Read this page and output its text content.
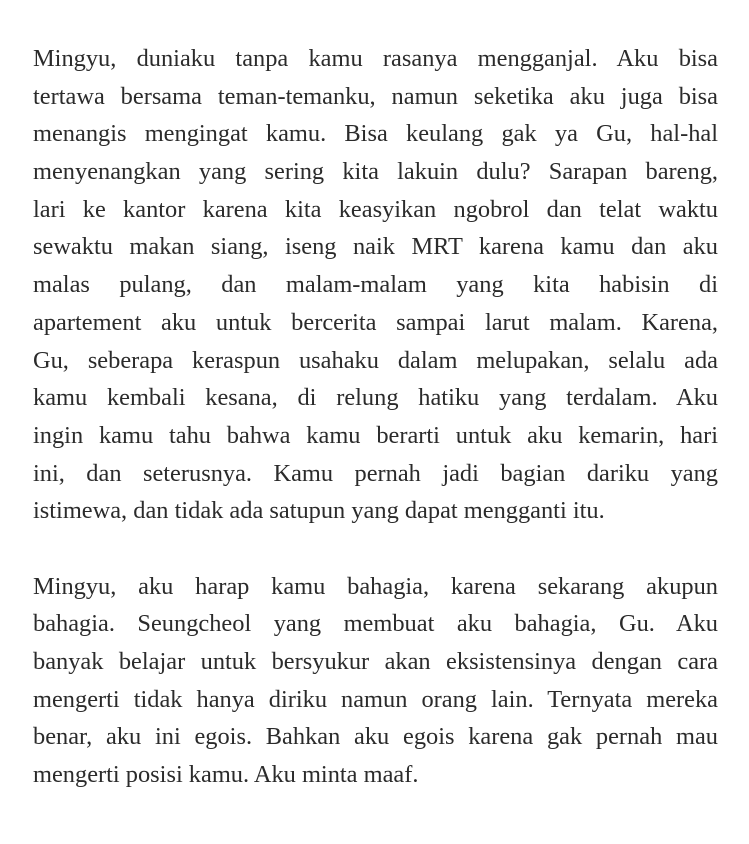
Mingyu, duniaku tanpa kamu rasanya mengganjal. Aku bisa
tertawa bersama teman-temanku, namun seketika aku juga bisa
menangis mengingat kamu. Bisa keulang gak ya Gu, hal-hal
menyenangkan yang sering kita lakuin dulu? Sarapan bareng,
lari ke kantor karena kita keasyikan ngobrol dan telat waktu
sewaktu makan siang, iseng naik MRT karena kamu dan aku
malas pulang, dan malam-malam yang kita habisin di
apartement aku untuk bercerita sampai larut malam. Karena,
Gu, seberapa keraspun usahaku dalam melupakan, selalu ada
kamu kembali kesana, di relung hatiku yang terdalam. Aku
ingin kamu tahu bahwa kamu berarti untuk aku kemarin, hari
ini, dan seterusnya. Kamu pernah jadi bagian dariku yang
istimewa, dan tidak ada satupun yang dapat mengganti itu.
Mingyu, aku harap kamu bahagia, karena sekarang akupun
bahagia. Seungcheol yang membuat aku bahagia, Gu. Aku
banyak belajar untuk bersyukur akan eksistensinya dengan cara
mengerti tidak hanya diriku namun orang lain. Ternyata mereka
benar, aku ini egois. Bahkan aku egois karena gak pernah mau
mengerti posisi kamu. Aku minta maaf.
